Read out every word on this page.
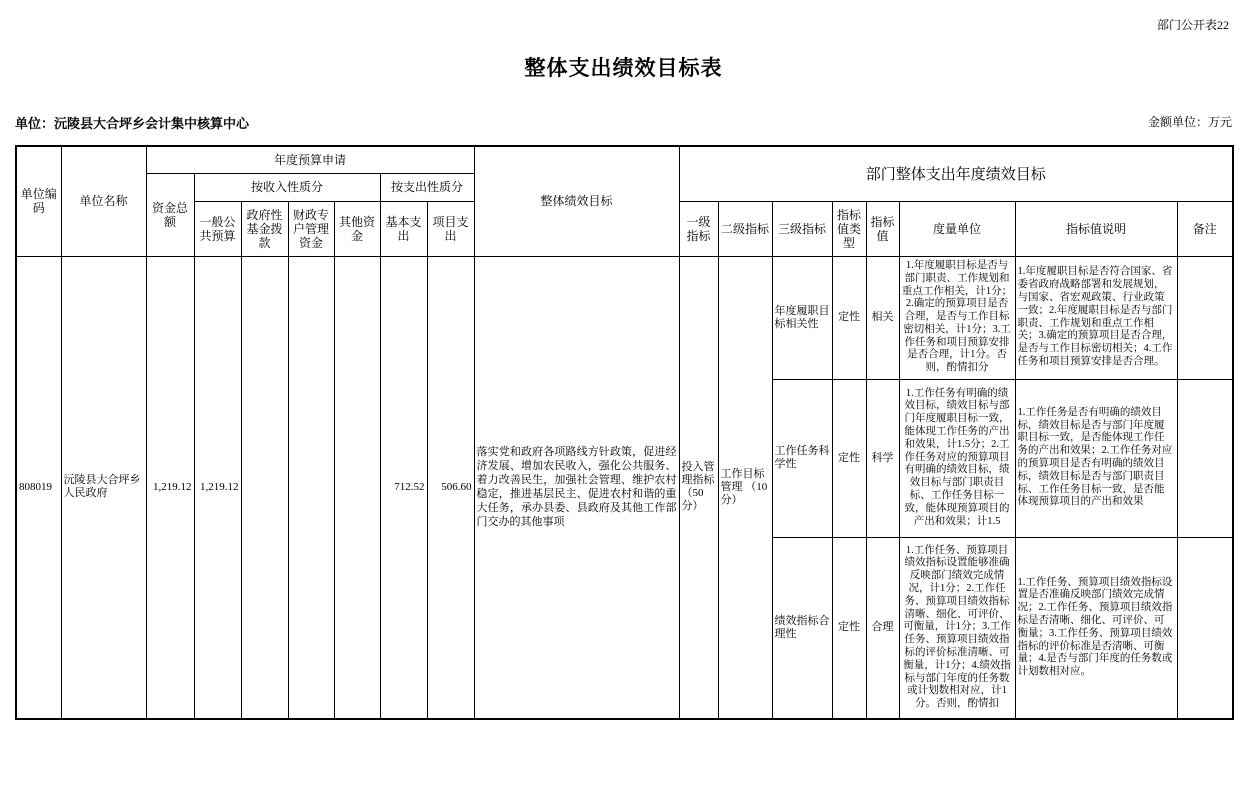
部门公开表22
整体支出绩效目标表
单位：沅陵县大合坪乡会计集中核算中心	金额单位：万元
单位编码	单位名称	年度预算申请							整体绩效目标	部门整体支出年度绩效目标							
		资金总额	按收入性质分				按支出性质分										
			一般公共预算	政府性基金拨款	财政专户管理资金	其他资金	基本支出	项目支出		一级指标	二级指标	三级指标	指标值类型	指标值	度量单位	指标值说明	备注
808019	沅陵县大合坪乡人民政府	1,219.12	1,219.12				712.52	506.60	落实党和政府各项路线方针政策，促进经济发展、增加农民收入，强化公共服务、着力改善民生，加强社会管理、维护农村稳定，推进基层民主、促进农村和谐的重大任务，承办县委、县政府及其他工作部门交办的其他事项	投入管理指标（50分）	工作目标管理 （10分）	年度履职目标相关性	定性	相关	1.年度履职目标是否与部门职责、工作规划和重点工作相关，计1分；2.确定的预算项目是否合理，是否与工作目标密切相关，计1分；3.工作任务和项目预算安排是否合理，计1分。否则，酌情扣分	1.年度履职目标是否符合国家、省委省政府战略部署和发展规划，与国家、省宏观政策、行业政策一致；2.年度履职目标是否与部门职责、工作规划和重点工作相关；3.确定的预算项目是否合理，是否与工作目标密切相关；4.工作任务和项目预算安排是否合理。	
												工作任务科学性	定性	科学	1.工作任务有明确的绩效目标，绩效目标与部门年度履职目标一致，能体现工作任务的产出和效果，计1.5分；2.工作任务对应的预算项目有明确的绩效目标，绩效目标与部门职责目标、工作任务目标一致，能体现预算项目的产出和效果；计1.5	1.工作任务是否有明确的绩效目标，绩效目标是否与部门年度履职目标一致，是否能体现工作任务的产出和效果；2.工作任务对应的预算项目是否有明确的绩效目标，绩效目标是否与部门职责目标、工作任务目标一致，是否能体现预算项目的产出和效果	
												绩效指标合理性	定性	合理	1.工作任务、预算项目绩效指标设置能够准确反映部门绩效完成情况，计1分；2.工作任务、预算项目绩效指标清晰、细化、可评价、可衡量，计1分；3.工作任务、预算项目绩效指标的评价标准清晰、可衡量，计1分；4.绩效指标与部门年度的任务数或计划数相对应，计1分。否则，酌情扣	1.工作任务、预算项目绩效指标设置是否准确反映部门绩效完成情况；2.工作任务、预算项目绩效指标是否清晰、细化、可评价、可衡量；3.工作任务、预算项目绩效指标的评价标准是否清晰、可衡量；4.是否与部门年度的任务数或计划数相对应。	
